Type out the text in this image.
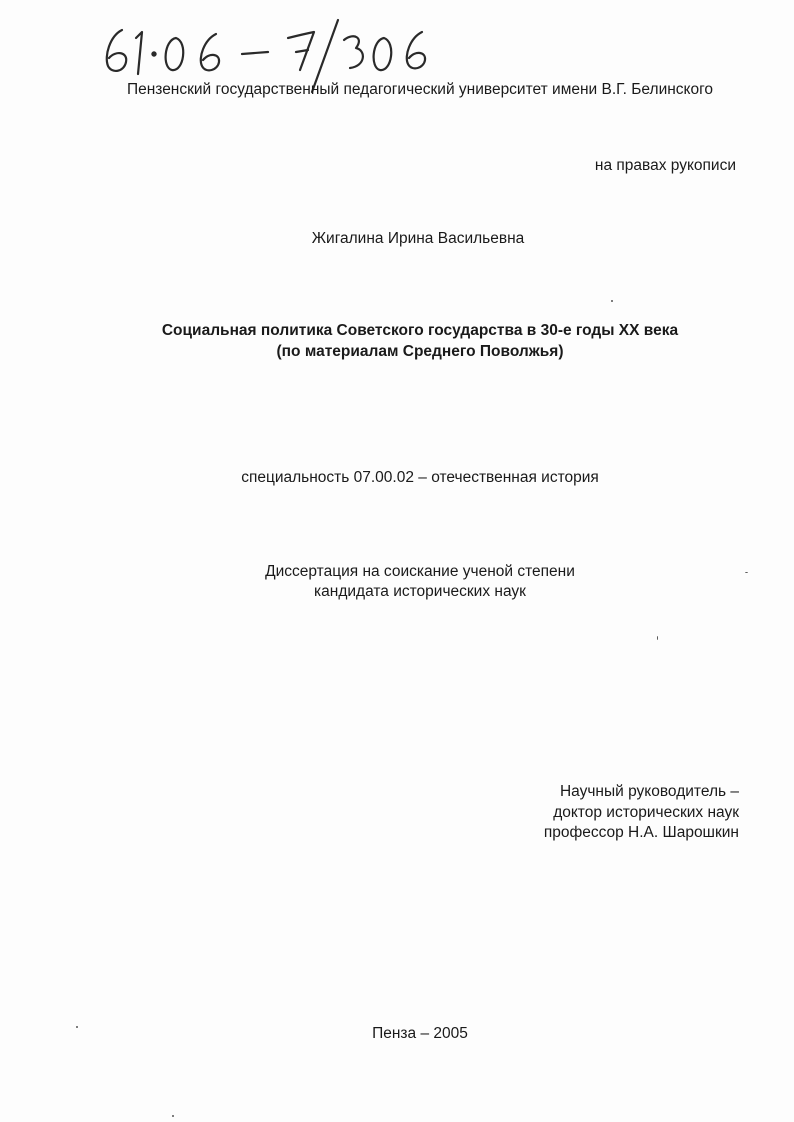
Пензенский государственный педагогический университет имени В.Г. Белинского
на правах рукописи
Жигалина Ирина Васильевна
Социальная политика Советского государства в 30-е годы XX века
(по материалам Среднего Поволжья)
специальность 07.00.02 – отечественная история
Диссертация на соискание ученой степени
кандидата исторических наук
Научный руководитель –
доктор исторических наук
профессор Н.А. Шарошкин
Пенза – 2005
